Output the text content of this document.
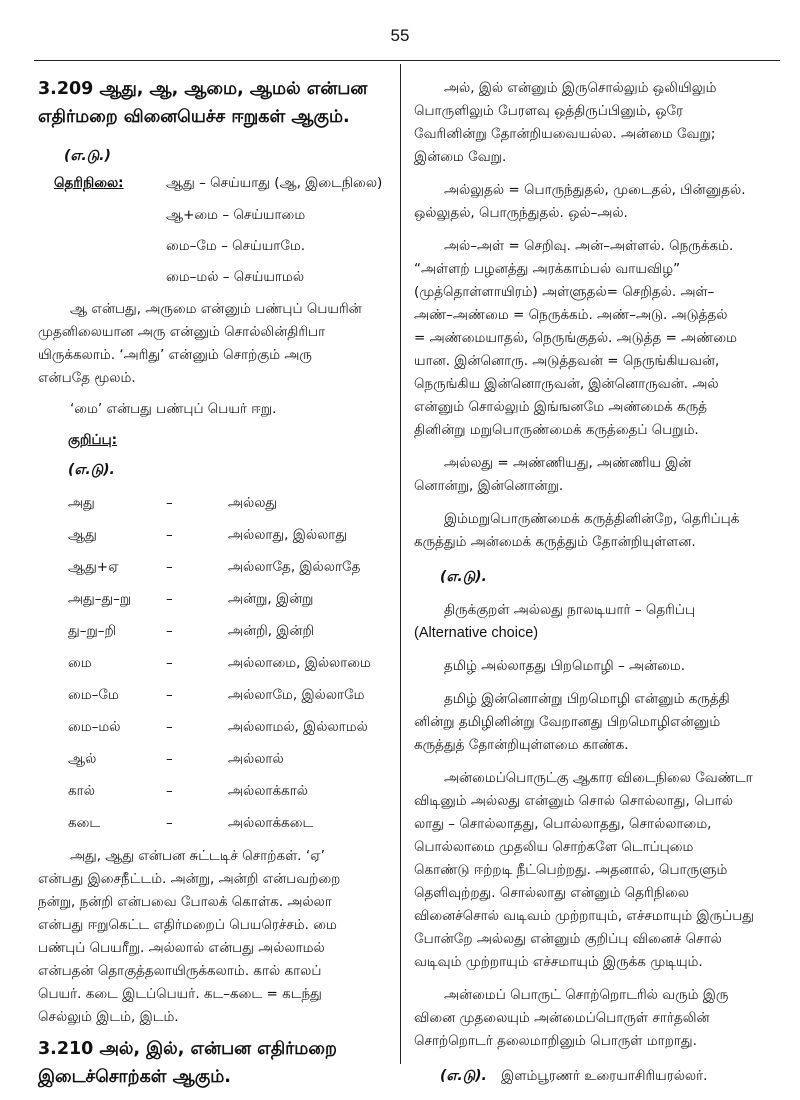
55
3.209 ஆது, ஆ, ஆமை, ஆமல் என்பன
எதிர்மறை வினையெச்ச ஈறுகள் ஆகும்.
(எ.டு.)
தெரிநிலை:	ஆது – செய்யாது (ஆ, இடைநிலை)
ஆ+மை – செய்யாமை
மை–மே – செய்யாமே.
மை–மல் – செய்யாமல்
ஆ என்பது, அருமை என்னும் பண்புப் பெயரின்
முதனிலையான அரு என்னும் சொல்லின்திரிபா
யிருக்கலாம். ‘அரிது’ என்னும் சொற்கும் அரு
என்பதே மூலம்.
‘மை’ என்பது பண்புப் பெயர் ஈறு.
குறிப்பு:
(எ.டு).
அது	–	அல்லது
ஆது	–	அல்லாது, இல்லாது
ஆது+ஏ	–	அல்லாதே, இல்லாதே
அது–து–று	–	அன்று, இன்று
து–று–றி	–	அன்றி, இன்றி
மை	–	அல்லாமை, இல்லாமை
மை–மே	–	அல்லாமே, இல்லாமே
மை–மல்	–	அல்லாமல், இல்லாமல்
ஆல்	–	அல்லால்
கால்	–	அல்லாக்கால்
கடை	–	அல்லாக்கடை
அது, ஆது என்பன சுட்டடிச் சொற்கள். ‘ஏ’
என்பது இசைநீட்டம். அன்று, அன்றி என்பவற்றை
நன்று, நன்றி என்பவை போலக் கொள்க. அல்லா
என்பது ஈறுகெட்ட எதிர்மறைப் பெயரெச்சம். மை
பண்புப் பெயரீறு. அல்லால் என்பது அல்லாமல்
என்பதன் தொகுத்தலாயிருக்கலாம். கால் காலப்
பெயர். கடை இடப்பெயர். கட–கடை = கடந்து
செல்லும் இடம், இடம்.
3.210 அல், இல், என்பன எதிர்மறை
இடைச்சொற்கள் ஆகும்.
அல், இல் என்னும் இருசொல்லும் ஒலியிலும்
பொருளிலும் பேரளவு ஒத்திருப்பினும், ஒரே
வேரினின்று தோன்றியவையல்ல. அன்மை வேறு;
இன்மை வேறு.
அல்லுதல் = பொருந்துதல், முடைதல், பின்னுதல்.
ஒல்லுதல், பொருந்துதல். ஒல்–அல்.
அல்–அள் = செறிவு. அன்–அள்ளல். நெருக்கம்.
“அள்ளற் பழனத்து அரக்காம்பல் வாயவிழ”
(முத்தொள்ளாயிரம்) அள்ளுதல்= செறிதல். அள்–
அண்–அண்மை = நெருக்கம். அண்–அடு. அடுத்தல்
= அண்மையாதல், நெருங்குதல். அடுத்த = அண்மை
யான. இன்னொரு. அடுத்தவன் = நெருங்கியவன்,
நெருங்கிய இன்னொருவன், இன்னொருவன். அல்
என்னும் சொல்லும் இங்ஙனமே அண்மைக் கருத்
தினின்று மறுபொருண்மைக் கருத்தைப் பெறும்.
அல்லது = அண்ணியது, அண்ணிய இன்
னொன்று, இன்னொன்று.
இம்மறுபொருண்மைக் கருத்தினின்றே, தெரிப்புக்
கருத்தும் அன்மைக் கருத்தும் தோன்றியுள்ளன.
(எ.டு).
திருக்குறள் அல்லது நாலடியார் – தெரிப்பு
(Alternative choice)
தமிழ் அல்லாதது பிறமொழி – அன்மை.
தமிழ் இன்னொன்று பிறமொழி என்னும் கருத்தி
னின்று தமிழினின்று வேறானது பிறமொழிஎன்னும்
கருத்துத் தோன்றியுள்ளமை காண்க.
அன்மைப்பொருட்கு ஆகார விடைநிலை வேண்டா
விடினும் அல்லது என்னும் சொல் சொல்லாது, பொல்
லாது – சொல்லாதது, பொல்லாதது, சொல்லாமை,
பொல்லாமை முதலிய சொற்களே டொப்புமை
கொண்டு ஈற்றடி நீட்பெற்றது. அதனால், பொருளும்
தெளிவுற்றது. சொல்லாது என்னும் தெரிநிலை
வினைச்சொல் வடிவம் முற்றாயும், எச்சமாயும் இருப்பது
போன்றே அல்லது என்னும் குறிப்பு வினைச் சொல்
வடிவும் முற்றாயும் எச்சமாயும் இருக்க முடியும்.
அன்மைப் பொருட் சொற்றொடரில் வரும் இரு
வினை முதலையும் அன்மைப்பொருள் சார்தலின்
சொற்றொடர் தலைமாறினும் பொருள் மாறாது.
(எ.டு). இளம்பூரணர் உரையாசிரியரல்லர்.
